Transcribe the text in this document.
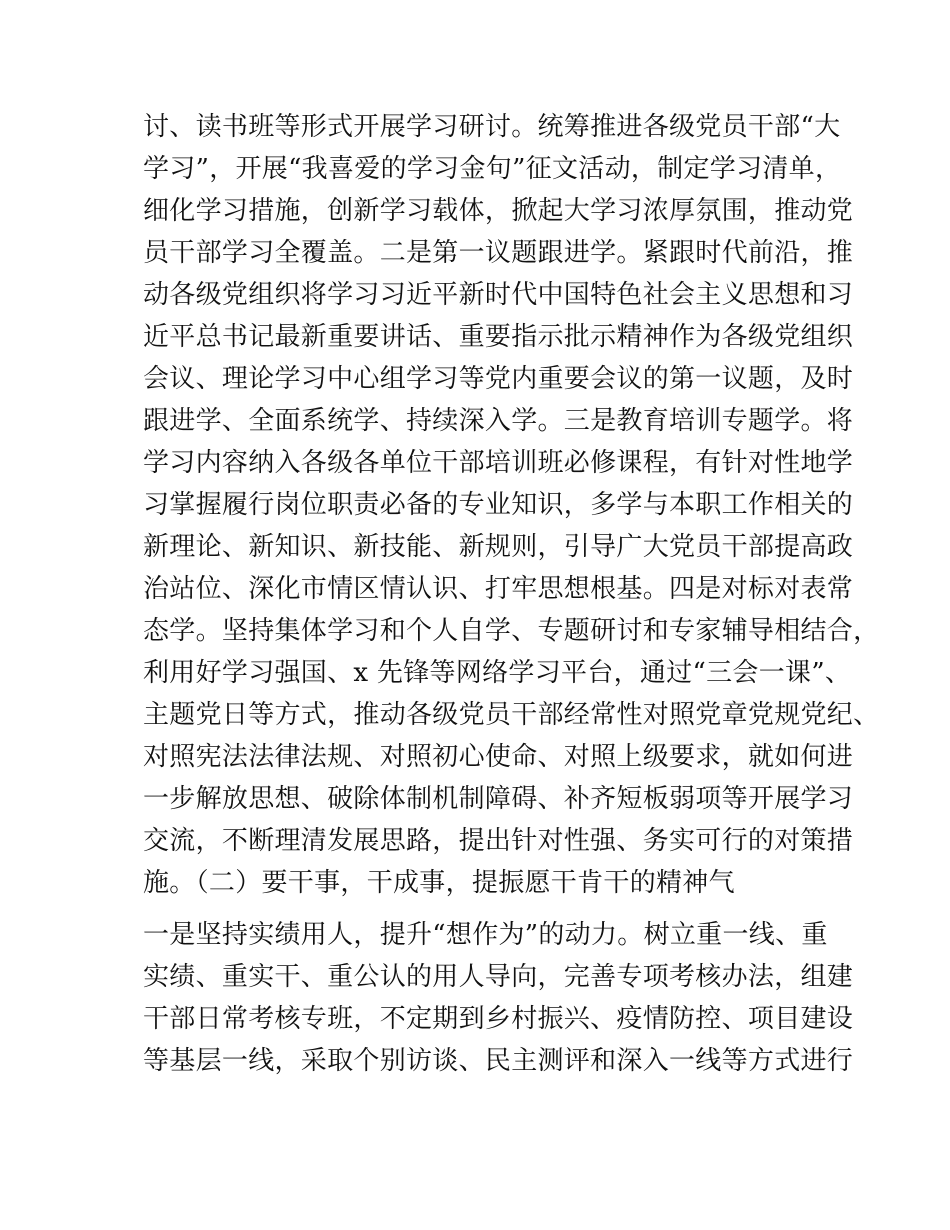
讨、读书班等形式开展学习研讨。统筹推进各级党员干部“大
学习”，开展“我喜爱的学习金句”征文活动，制定学习清单，
细化学习措施，创新学习载体，掀起大学习浓厚氛围，推动党
员干部学习全覆盖。二是第一议题跟进学。紧跟时代前沿，推
动各级党组织将学习习近平新时代中国特色社会主义思想和习
近平总书记最新重要讲话、重要指示批示精神作为各级党组织
会议、理论学习中心组学习等党内重要会议的第一议题，及时
跟进学、全面系统学、持续深入学。三是教育培训专题学。将
学习内容纳入各级各单位干部培训班必修课程，有针对性地学
习掌握履行岗位职责必备的专业知识，多学与本职工作相关的
新理论、新知识、新技能、新规则，引导广大党员干部提高政
治站位、深化市情区情认识、打牢思想根基。四是对标对表常
态学。坚持集体学习和个人自学、专题研讨和专家辅导相结合，
利用好学习强国、x 先锋等网络学习平台，通过“三会一课”、
主题党日等方式，推动各级党员干部经常性对照党章党规党纪、
对照宪法法律法规、对照初心使命、对照上级要求，就如何进
一步解放思想、破除体制机制障碍、补齐短板弱项等开展学习
交流，不断理清发展思路，提出针对性强、务实可行的对策措
施。（二）要干事，干成事，提振愿干肯干的精神气
一是坚持实绩用人，提升“想作为”的动力。树立重一线、重
实绩、重实干、重公认的用人导向，完善专项考核办法，组建
干部日常考核专班，不定期到乡村振兴、疫情防控、项目建设
等基层一线，采取个别访谈、民主测评和深入一线等方式进行
